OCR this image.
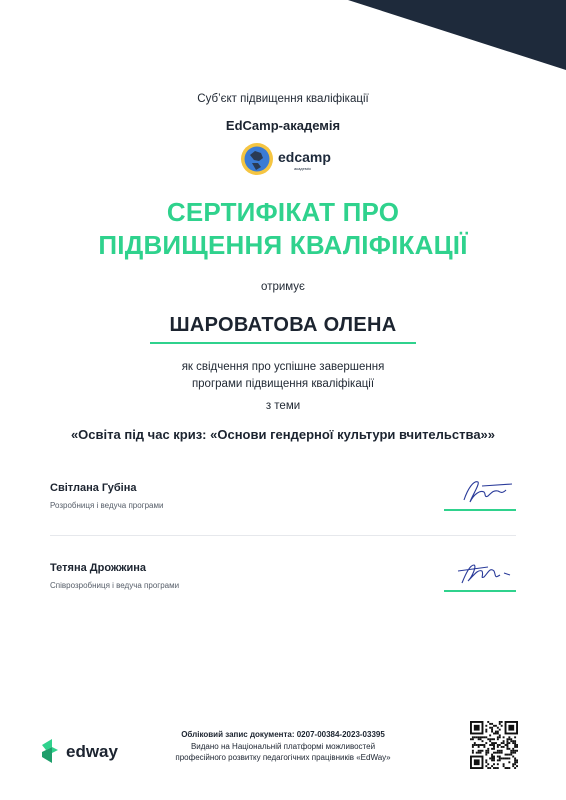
Суб’єкт підвищення кваліфікації
EdCamp-академія
edcamp
академія
СЕРТИФІКАТ ПРО
ПІДВИЩЕННЯ КВАЛІФІКАЦІЇ
отримує
ШАРОВАТОВА ОЛЕНА
як свідчення про успішне завершення
програми підвищення кваліфікації
з теми
«Освіта під час криз: «Основи гендерної культури вчительства»»
Світлана Губіна
Розробниця і ведуча програми
Тетяна Дрожжина
Співрозробниця і ведуча програми
edway
Обліковий запис документа: 0207-00384-2023-03395
Видано на Національній платформі можливостей
професійного розвитку педагогічних працівників «EdWay»
